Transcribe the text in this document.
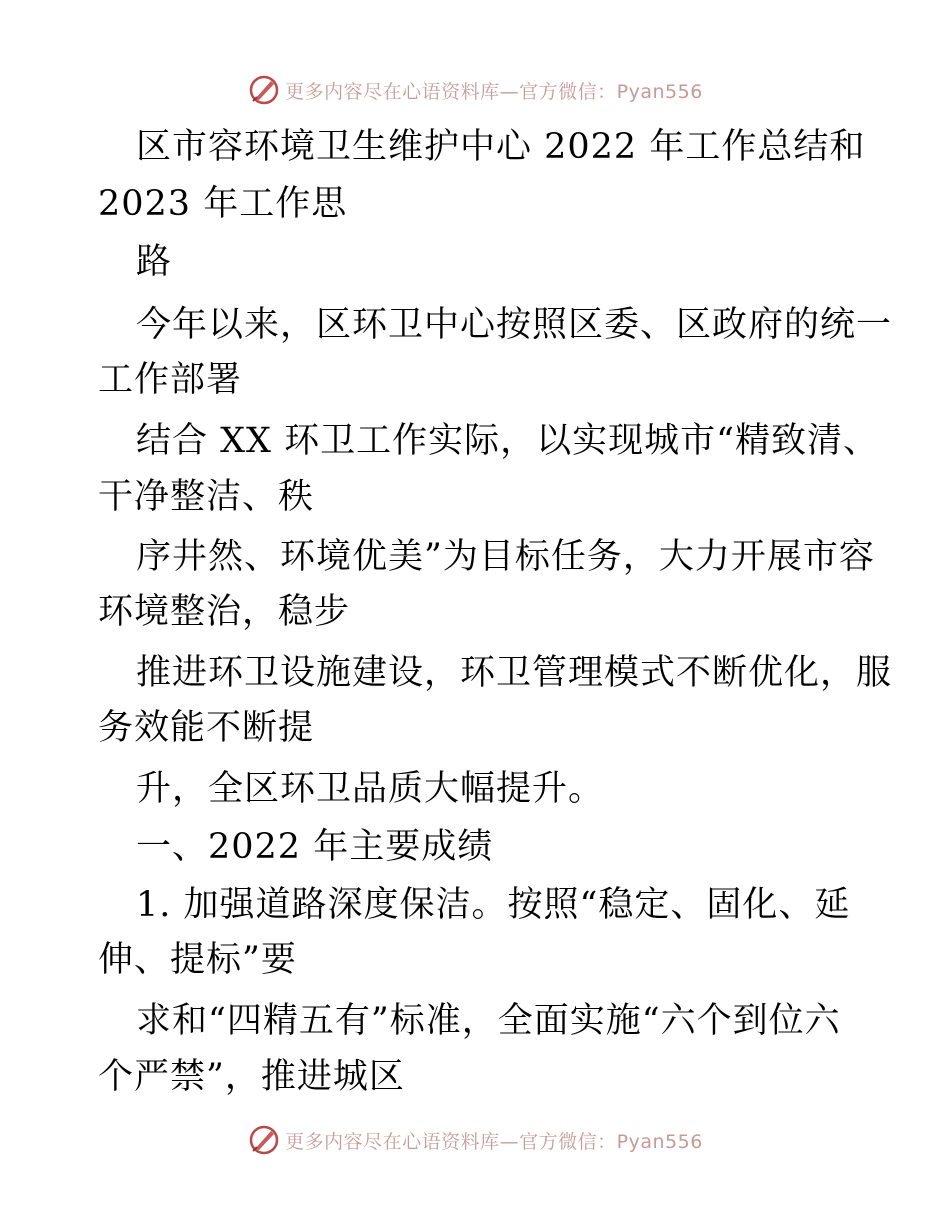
更多内容尽在心语资料库—官方微信：Pyan556
区市容环境卫生维护中心 2022 年工作总结和
2023 年工作思
路
今年以来，区环卫中心按照区委、区政府的统一
工作部署
结合 XX 环卫工作实际，以实现城市“精致清、
干净整洁、秩
序井然、环境优美”为目标任务，大力开展市容
环境整治，稳步
推进环卫设施建设，环卫管理模式不断优化，服
务效能不断提
升，全区环卫品质大幅提升。
一、2022 年主要成绩
1. 加强道路深度保洁。按照“稳定、固化、延
伸、提标”要
求和“四精五有”标准，全面实施“六个到位六
个严禁”，推进城区
更多内容尽在心语资料库—官方微信：Pyan556
